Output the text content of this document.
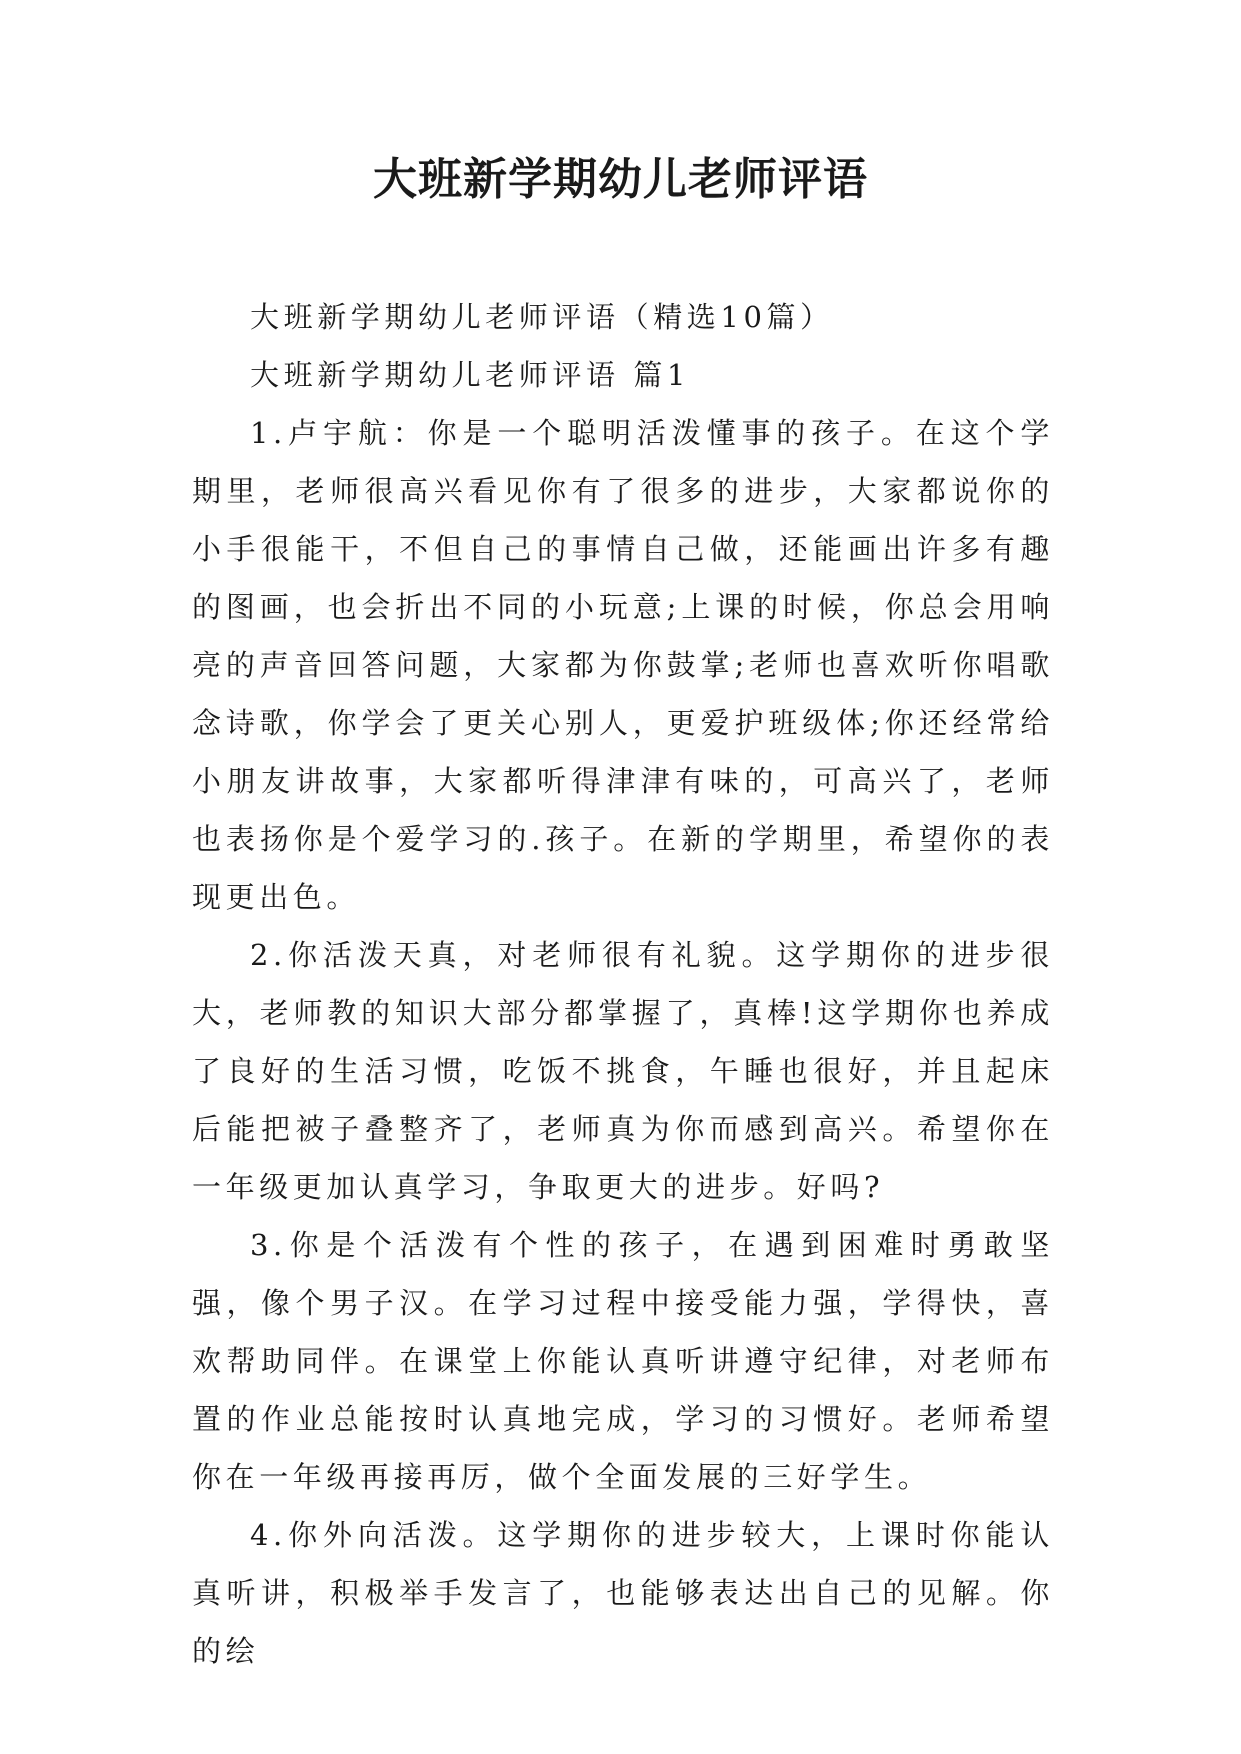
大班新学期幼儿老师评语

大班新学期幼儿老师评语（精选10篇）

大班新学期幼儿老师评语 篇1

1.卢宇航：你是一个聪明活泼懂事的孩子。在这个学期里，老师很高兴看见你有了很多的进步，大家都说你的小手很能干，不但自己的事情自己做，还能画出许多有趣的图画，也会折出不同的小玩意;上课的时候，你总会用响亮的声音回答问题，大家都为你鼓掌;老师也喜欢听你唱歌念诗歌，你学会了更关心别人，更爱护班级体;你还经常给小朋友讲故事，大家都听得津津有味的，可高兴了，老师也表扬你是个爱学习的.孩子。在新的学期里，希望你的表现更出色。

2.你活泼天真，对老师很有礼貌。这学期你的进步很大，老师教的知识大部分都掌握了，真棒!这学期你也养成了良好的生活习惯，吃饭不挑食，午睡也很好，并且起床后能把被子叠整齐了，老师真为你而感到高兴。希望你在一年级更加认真学习，争取更大的进步。好吗?

3.你是个活泼有个性的孩子，在遇到困难时勇敢坚强，像个男子汉。在学习过程中接受能力强，学得快，喜欢帮助同伴。在课堂上你能认真听讲遵守纪律，对老师布置的作业总能按时认真地完成，学习的习惯好。老师希望你在一年级再接再厉，做个全面发展的三好学生。

4.你外向活泼。这学期你的进步较大，上课时你能认真听讲，积极举手发言了，也能够表达出自己的见解。你的绘
